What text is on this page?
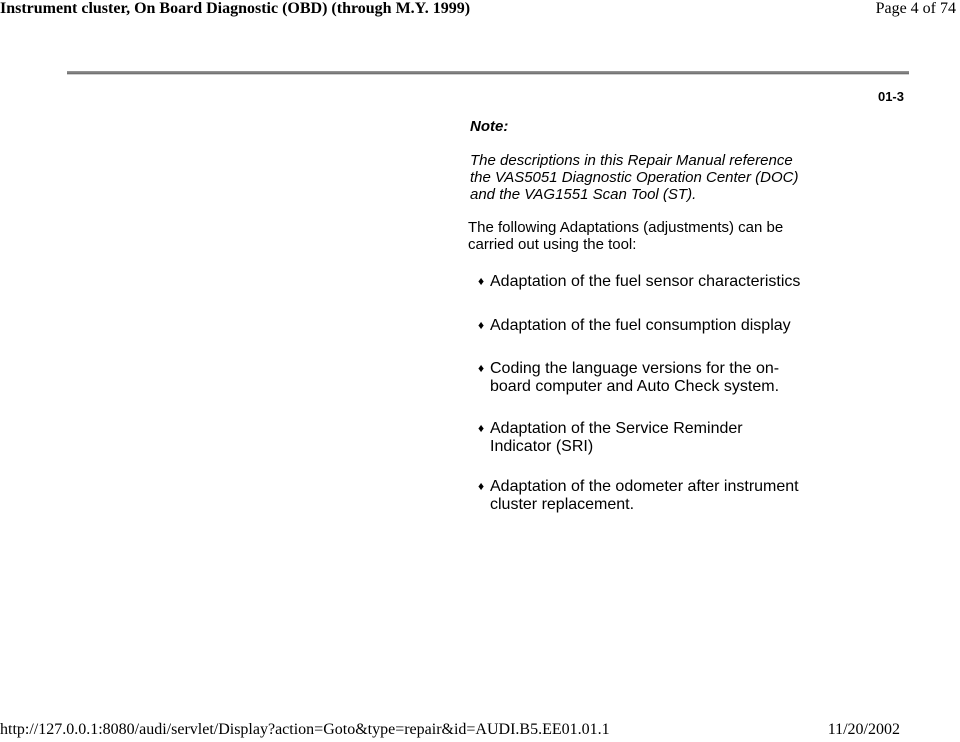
Instrument cluster, On Board Diagnostic (OBD) (through M.Y. 1999)	Page 4 of 74
01-3
Note:
The descriptions in this Repair Manual reference the VAS5051 Diagnostic Operation Center (DOC) and the VAG1551 Scan Tool (ST).
The following Adaptations (adjustments) can be carried out using the tool:
♦ Adaptation of the fuel sensor characteristics
♦ Adaptation of the fuel consumption display
♦ Coding the language versions for the on-board computer and Auto Check system.
♦ Adaptation of the Service Reminder Indicator (SRI)
♦ Adaptation of the odometer after instrument cluster replacement.
http://127.0.0.1:8080/audi/servlet/Display?action=Goto&type=repair&id=AUDI.B5.EE01.01.1	11/20/2002
